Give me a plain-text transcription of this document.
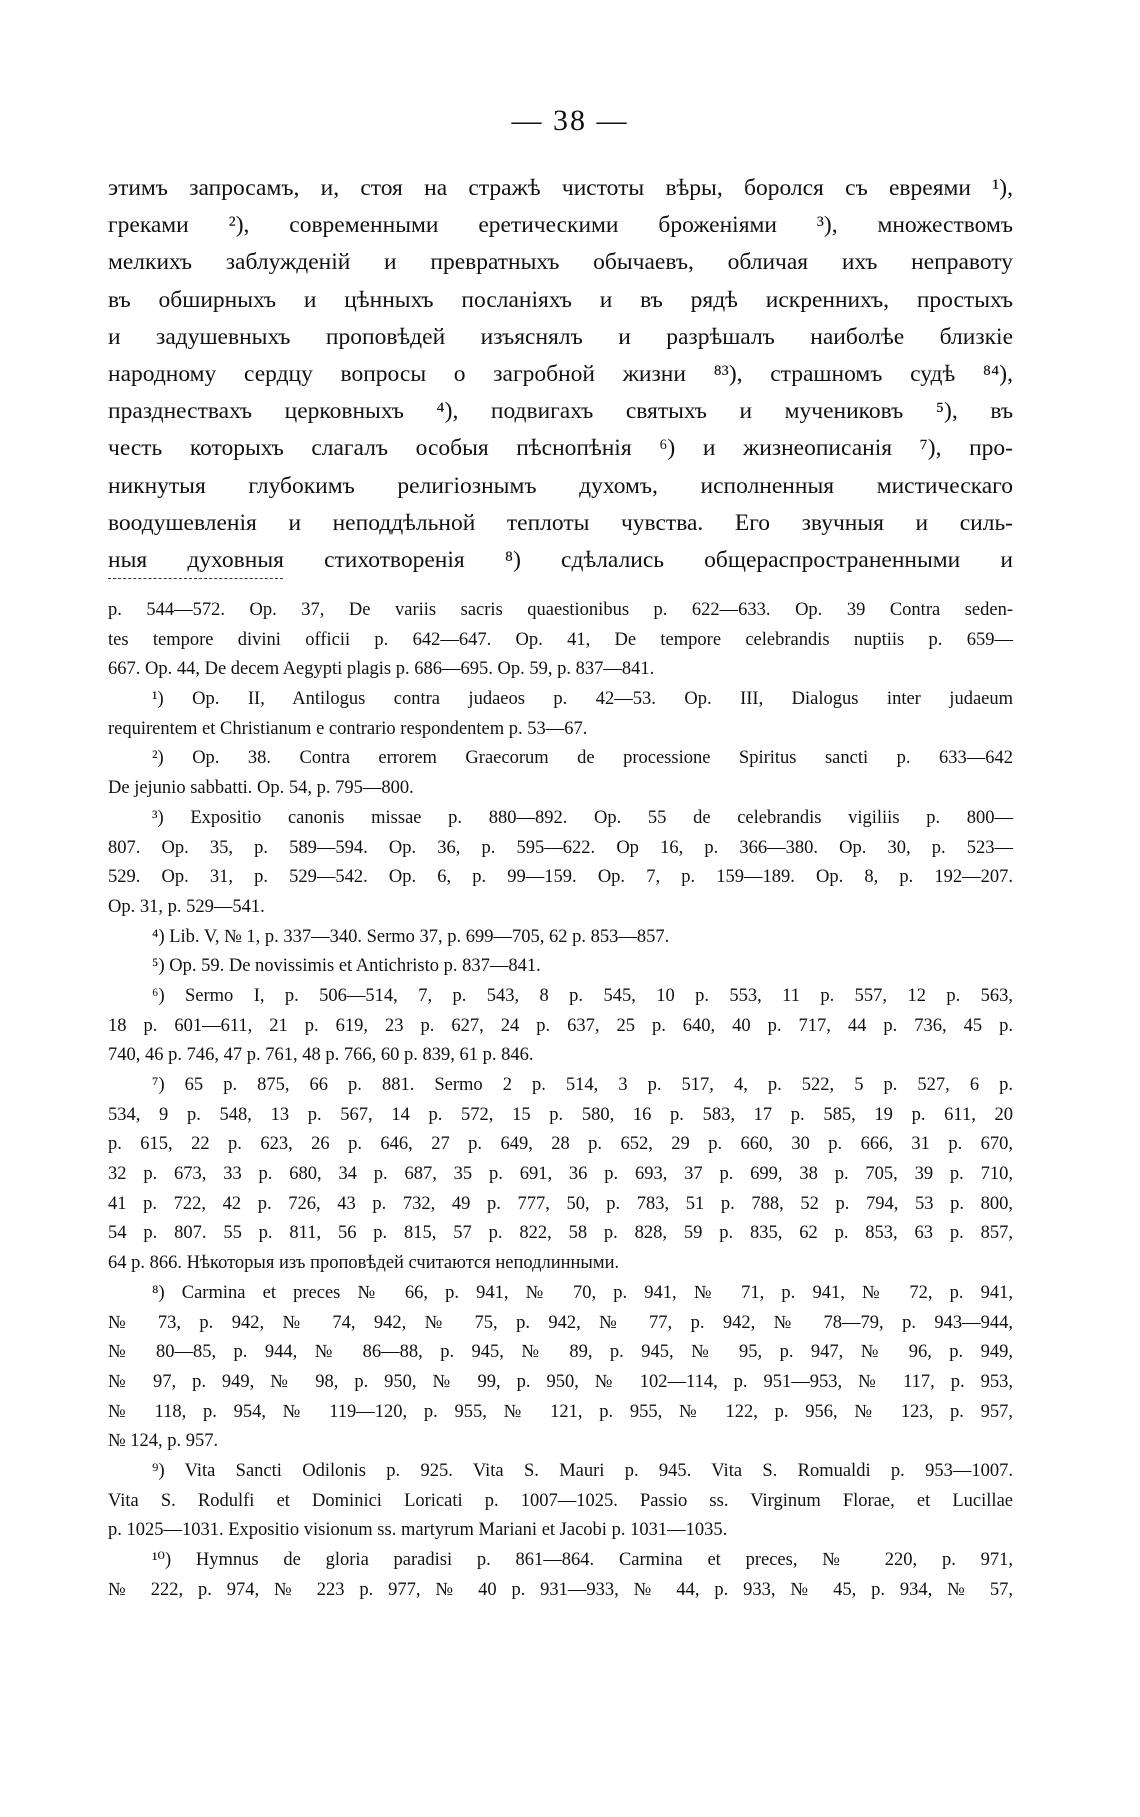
— 38 —
этимъ запросамъ, и, стоя на стражѣ чистоты вѣры, боролся съ евреями ¹),
греками ²), современными еретическими броженіями ³), множествомъ
мелкихъ заблужденій и превратныхъ обычаевъ, обличая ихъ неправоту
въ обширныхъ и цѣнныхъ посланіяхъ и въ рядѣ искреннихъ, простыхъ
и задушевныхъ проповѣдей изъяснялъ и разрѣшалъ наиболѣе близкіе
народному сердцу вопросы о загробной жизни ⁸³), страшномъ судѣ ⁸⁴),
празднествахъ церковныхъ ⁴), подвигахъ святыхъ и мучениковъ ⁵), въ
честь которыхъ слагалъ особыя пѣснопѣнія ⁶) и жизнеописанія ⁷), про-
никнутыя глубокимъ религіознымъ духомъ, исполненныя мистическаго
воодушевленія и неподдѣльной теплоты чувства. Его звучныя и силь-
ныя духовныя стихотворенія ⁸) сдѣлались общераспространенными и
р. 544—572. Op. 37, De variis sacris quaestionibus p. 622—633. Op. 39 Contra seden-
tes tempore divini officii p. 642—647. Op. 41, De tempore celebrandis nuptiis p. 659—
667. Op. 44, De decem Aegypti plagis p. 686—695. Op. 59, p. 837—841.
¹) Op. II, Antilogus contra judaeos p. 42—53. Op. III, Dialogus inter judaeum
requirentem et Christianum e contrario respondentem p. 53—67.
²) Op. 38. Contra errorem Graecorum de processione Spiritus sancti p. 633—642
De jejunio sabbatti. Op. 54, p. 795—800.
³) Expositio canonis missae p. 880—892. Op. 55 de celebrandis vigiliis p. 800—
807. Op. 35, p. 589—594. Op. 36, p. 595—622. Op 16, p. 366—380. Op. 30, p. 523—
529. Op. 31, p. 529—542. Op. 6, p. 99—159. Op. 7, p. 159—189. Op. 8, p. 192—207.
Op. 31, p. 529—541.
⁴) Lib. V, № 1, p. 337—340. Sermo 37, p. 699—705, 62 p. 853—857.
⁵) Op. 59. De novissimis et Antichristo p. 837—841.
⁶) Sermo I, p. 506—514, 7, p. 543, 8 p. 545, 10 p. 553, 11 p. 557, 12 p. 563,
18 p. 601—611, 21 p. 619, 23 p. 627, 24 p. 637, 25 p. 640, 40 p. 717, 44 p. 736, 45 p.
740, 46 p. 746, 47 p. 761, 48 p. 766, 60 p. 839, 61 p. 846.
⁷) 65 p. 875, 66 p. 881. Sermo 2 p. 514, 3 p. 517, 4, p. 522, 5 p. 527, 6 p.
534, 9 p. 548, 13 p. 567, 14 p. 572, 15 p. 580, 16 p. 583, 17 p. 585, 19 p. 611, 20
p. 615, 22 p. 623, 26 p. 646, 27 p. 649, 28 p. 652, 29 p. 660, 30 p. 666, 31 p. 670,
32 p. 673, 33 p. 680, 34 p. 687, 35 p. 691, 36 p. 693, 37 p. 699, 38 p. 705, 39 p. 710,
41 p. 722, 42 p. 726, 43 p. 732, 49 p. 777, 50, p. 783, 51 p. 788, 52 p. 794, 53 p. 800,
54 p. 807. 55 p. 811, 56 p. 815, 57 p. 822, 58 p. 828, 59 p. 835, 62 p. 853, 63 p. 857,
64 p. 866. Нѣкоторыя изъ проповѣдей считаются неподлинными.
⁸) Carmina et preces № 66, p. 941, № 70, p. 941, № 71, p. 941, № 72, p. 941,
№ 73, p. 942, № 74, 942, № 75, p. 942, № 77, p. 942, № 78—79, p. 943—944,
№ 80—85, p. 944, № 86—88, p. 945, № 89, p. 945, № 95, p. 947, № 96, p. 949,
№ 97, p. 949, № 98, p. 950, № 99, p. 950, № 102—114, p. 951—953, № 117, p. 953,
№ 118, p. 954, № 119—120, p. 955, № 121, p. 955, № 122, p. 956, № 123, p. 957,
№ 124, p. 957.
⁹) Vita Sancti Odilonis p. 925. Vita S. Mauri p. 945. Vita S. Romualdi p. 953—1007.
Vita S. Rodulfi et Dominici Loricati p. 1007—1025. Passio ss. Virginum Florae, et Lucillae
p. 1025—1031. Expositio visionum ss. martyrum Mariani et Jacobi p. 1031—1035.
¹⁰) Hymnus de gloria paradisi p. 861—864. Carmina et preces, № 220, p. 971,
№ 222, p. 974, № 223 p. 977, № 40 p. 931—933, № 44, p. 933, № 45, p. 934, № 57,
